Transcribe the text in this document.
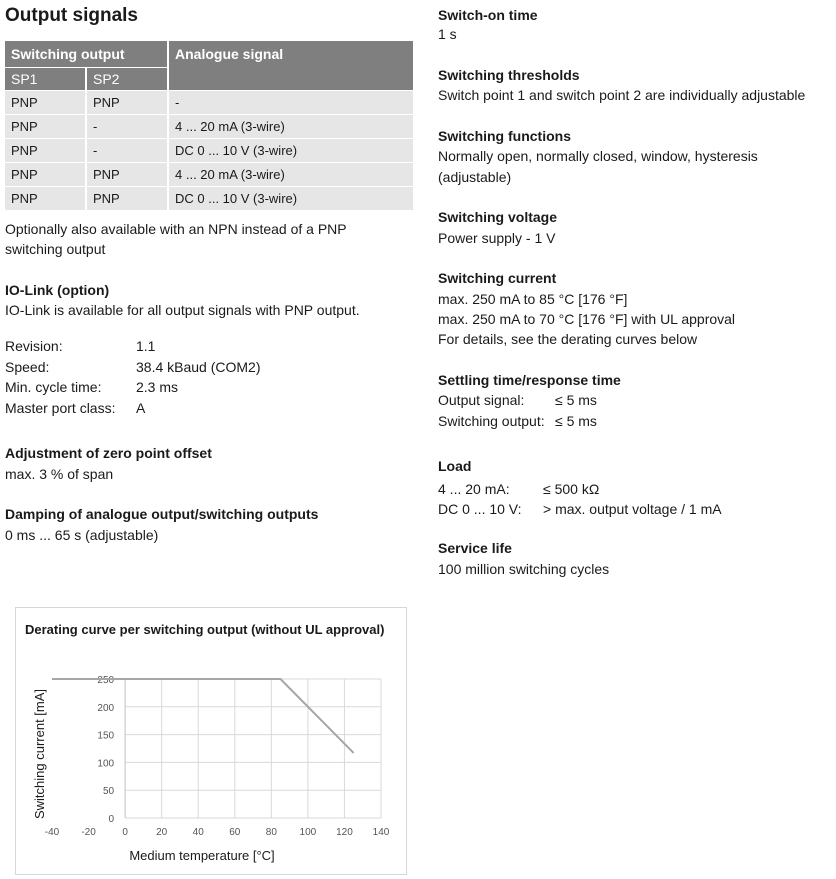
Output signals
Switching output		Analogue signal
SP1	SP2	
PNP	PNP	-
PNP	-	4 ... 20 mA (3-wire)
PNP	-	DC 0 ... 10 V (3-wire)
PNP	PNP	4 ... 20 mA (3-wire)
PNP	PNP	DC 0 ... 10 V (3-wire)
Optionally also available with an NPN instead of a PNP
switching output
IO-Link (option)
IO-Link is available for all output signals with PNP output.
Revision:	1.1
Speed:	38.4 kBaud (COM2)
Min. cycle time: 2.3 ms
Master port class: A
Adjustment of zero point offset
max. 3 % of span
Damping of analogue output/switching outputs
0 ms ... 65 s (adjustable)
Switch-on time
1 s
Switching thresholds
Switch point 1 and switch point 2 are individually adjustable
Switching functions
Normally open, normally closed, window, hysteresis
(adjustable)
Switching voltage
Power supply - 1 V
Switching current
max. 250 mA to 85 °C [176 °F]
max. 250 mA to 70 °C [176 °F] with UL approval
For details, see the derating curves below
Settling time/response time
Output signal: ≤ 5 ms
Switching output: ≤ 5 ms
Load
4 ... 20 mA: ≤ 500 kΩ
DC 0 ... 10 V: > max. output voltage / 1 mA
Service life
100 million switching cycles
Derating curve per switching output (without UL approval)
0
50
100
150
200
250
-40 -20	0	20	40	60	80 100 120 140
Medium temperature [°C]
Switching current [mA]
